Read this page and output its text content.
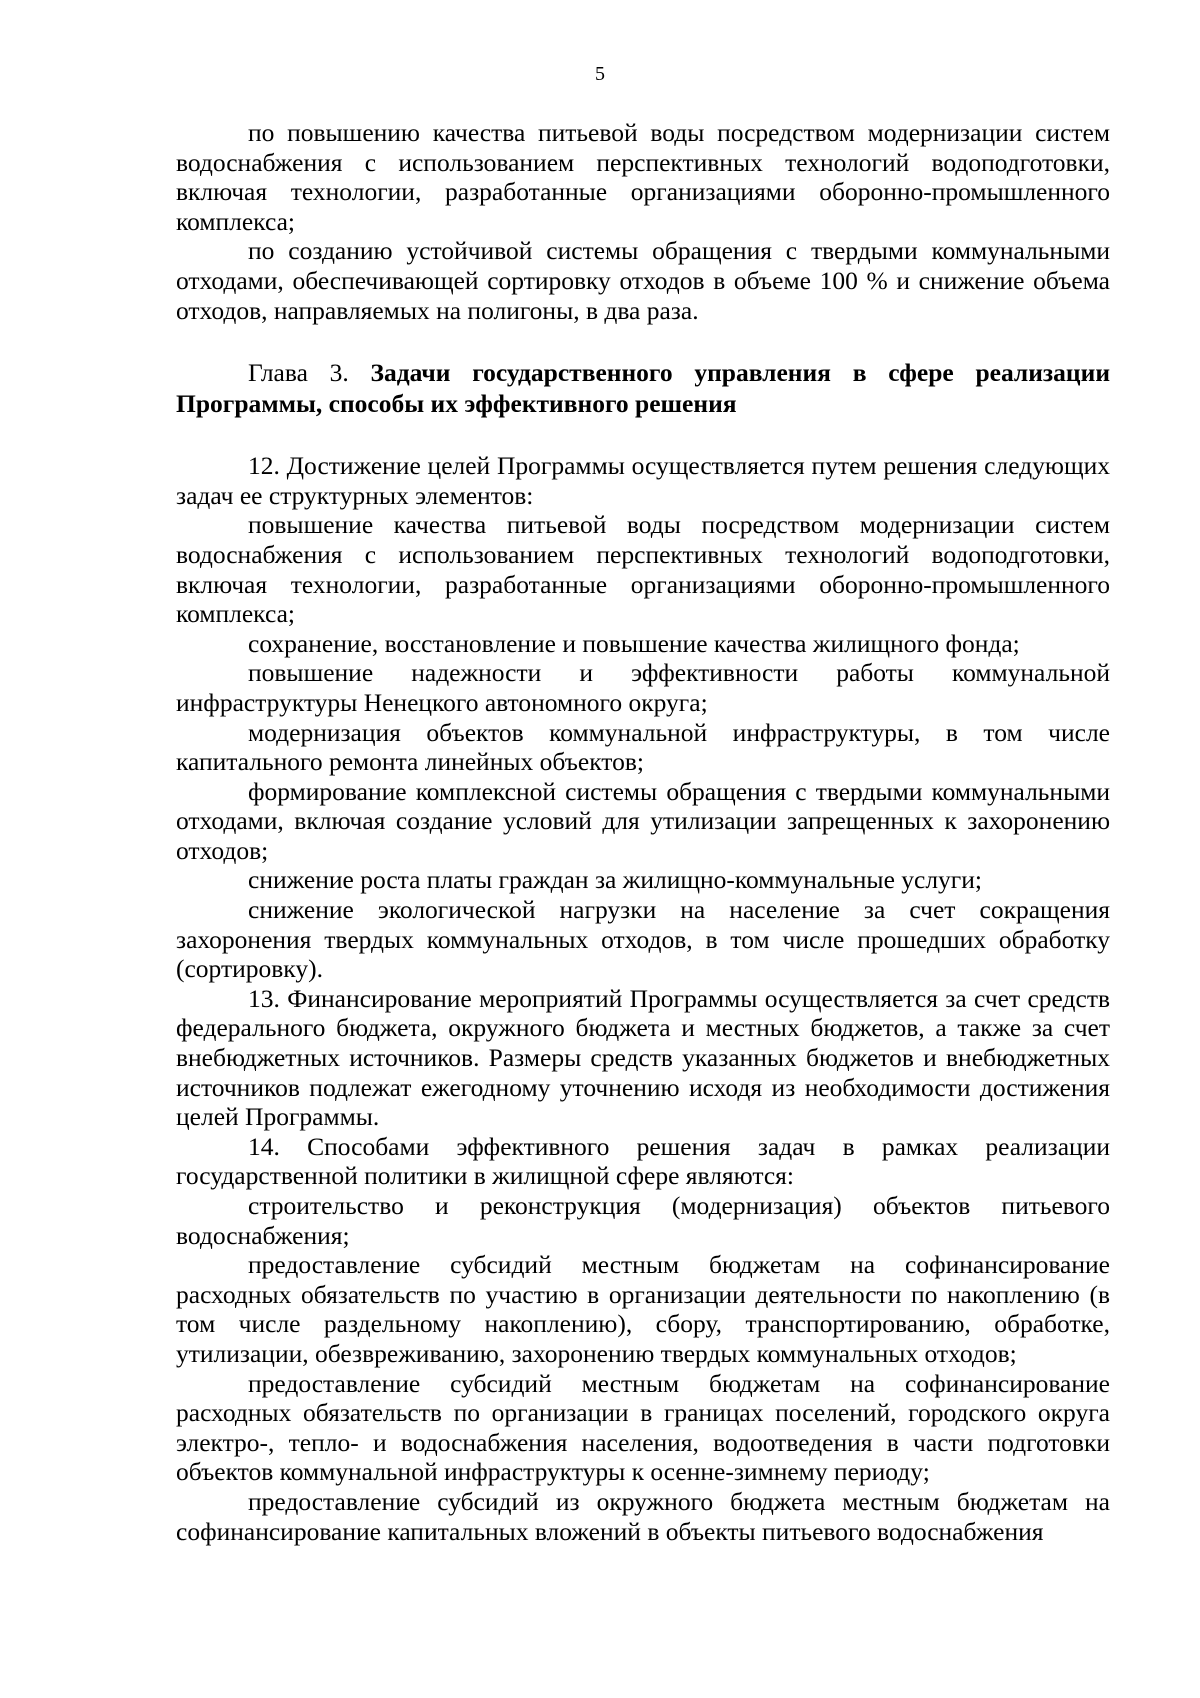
5

по повышению качества питьевой воды посредством модернизации систем водоснабжения с использованием перспективных технологий водоподготовки, включая технологии, разработанные организациями оборонно-промышленного комплекса;

по созданию устойчивой системы обращения с твердыми коммунальными отходами, обеспечивающей сортировку отходов в объеме 100 % и снижение объема отходов, направляемых на полигоны, в два раза.

Глава 3. Задачи государственного управления в сфере реализации Программы, способы их эффективного решения

12. Достижение целей Программы осуществляется путем решения следующих задач ее структурных элементов:

повышение качества питьевой воды посредством модернизации систем водоснабжения с использованием перспективных технологий водоподготовки, включая технологии, разработанные организациями оборонно-промышленного комплекса;

сохранение, восстановление и повышение качества жилищного фонда;

повышение надежности и эффективности работы коммунальной инфраструктуры Ненецкого автономного округа;

модернизация объектов коммунальной инфраструктуры, в том числе капитального ремонта линейных объектов;

формирование комплексной системы обращения с твердыми коммунальными отходами, включая создание условий для утилизации запрещенных к захоронению отходов;

снижение роста платы граждан за жилищно-коммунальные услуги;

снижение экологической нагрузки на население за счет сокращения захоронения твердых коммунальных отходов, в том числе прошедших обработку (сортировку).

13. Финансирование мероприятий Программы осуществляется за счет средств федерального бюджета, окружного бюджета и местных бюджетов, а также за счет внебюджетных источников. Размеры средств указанных бюджетов и внебюджетных источников подлежат ежегодному уточнению исходя из необходимости достижения целей Программы.

14. Способами эффективного решения задач в рамках реализации государственной политики в жилищной сфере являются:

строительство и реконструкция (модернизация) объектов питьевого водоснабжения;

предоставление субсидий местным бюджетам на софинансирование расходных обязательств по участию в организации деятельности по накоплению (в том числе раздельному накоплению), сбору, транспортированию, обработке, утилизации, обезвреживанию, захоронению твердых коммунальных отходов;

предоставление субсидий местным бюджетам на софинансирование расходных обязательств по организации в границах поселений, городского округа электро-, тепло- и водоснабжения населения, водоотведения в части подготовки объектов коммунальной инфраструктуры к осенне-зимнему периоду;

предоставление субсидий из окружного бюджета местным бюджетам на софинансирование капитальных вложений в объекты питьевого водоснабжения
